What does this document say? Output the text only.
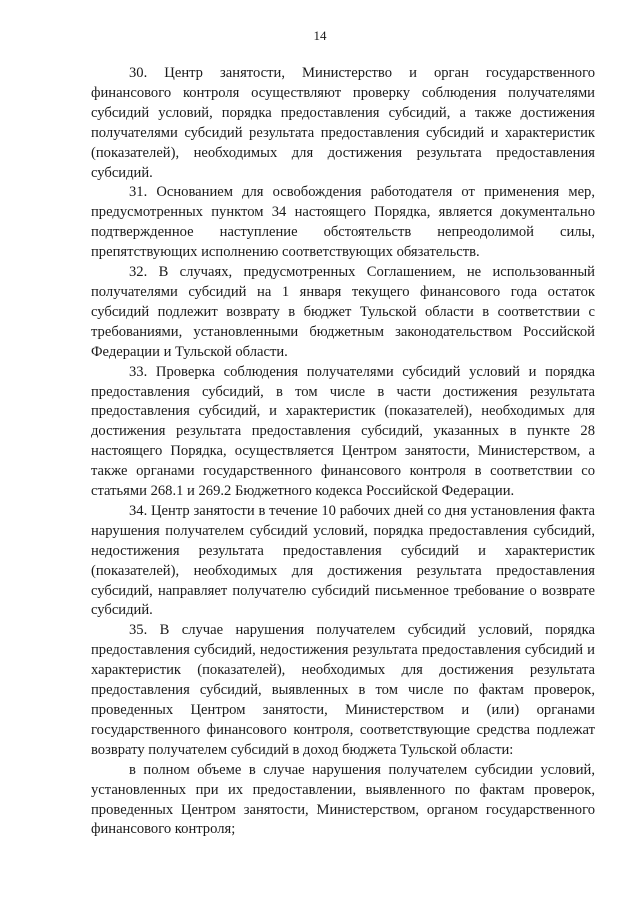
14

30. Центр занятости, Министерство и орган государственного финансового контроля осуществляют проверку соблюдения получателями субсидий условий, порядка предоставления субсидий, а также достижения получателями субсидий результата предоставления субсидий и характеристик (показателей), необходимых для достижения результата предоставления субсидий.

31. Основанием для освобождения работодателя от применения мер, предусмотренных пунктом 34 настоящего Порядка, является документально подтвержденное наступление обстоятельств непреодолимой силы, препятствующих исполнению соответствующих обязательств.

32. В случаях, предусмотренных Соглашением, не использованный получателями субсидий на 1 января текущего финансового года остаток субсидий подлежит возврату в бюджет Тульской области в соответствии с требованиями, установленными бюджетным законодательством Российской Федерации и Тульской области.

33. Проверка соблюдения получателями субсидий условий и порядка предоставления субсидий, в том числе в части достижения результата предоставления субсидий, и характеристик (показателей), необходимых для достижения результата предоставления субсидий, указанных в пункте 28 настоящего Порядка, осуществляется Центром занятости, Министерством, а также органами государственного финансового контроля в соответствии со статьями 268.1 и 269.2 Бюджетного кодекса Российской Федерации.

34. Центр занятости в течение 10 рабочих дней со дня установления факта нарушения получателем субсидий условий, порядка предоставления субсидий, недостижения результата предоставления субсидий и характеристик (показателей), необходимых для достижения результата предоставления субсидий, направляет получателю субсидий письменное требование о возврате субсидий.

35. В случае нарушения получателем субсидий условий, порядка предоставления субсидий, недостижения результата предоставления субсидий и характеристик (показателей), необходимых для достижения результата предоставления субсидий, выявленных в том числе по фактам проверок, проведенных Центром занятости, Министерством и (или) органами государственного финансового контроля, соответствующие средства подлежат возврату получателем субсидий в доход бюджета Тульской области:

в полном объеме в случае нарушения получателем субсидии условий, установленных при их предоставлении, выявленного по фактам проверок, проведенных Центром занятости, Министерством, органом государственного финансового контроля;
